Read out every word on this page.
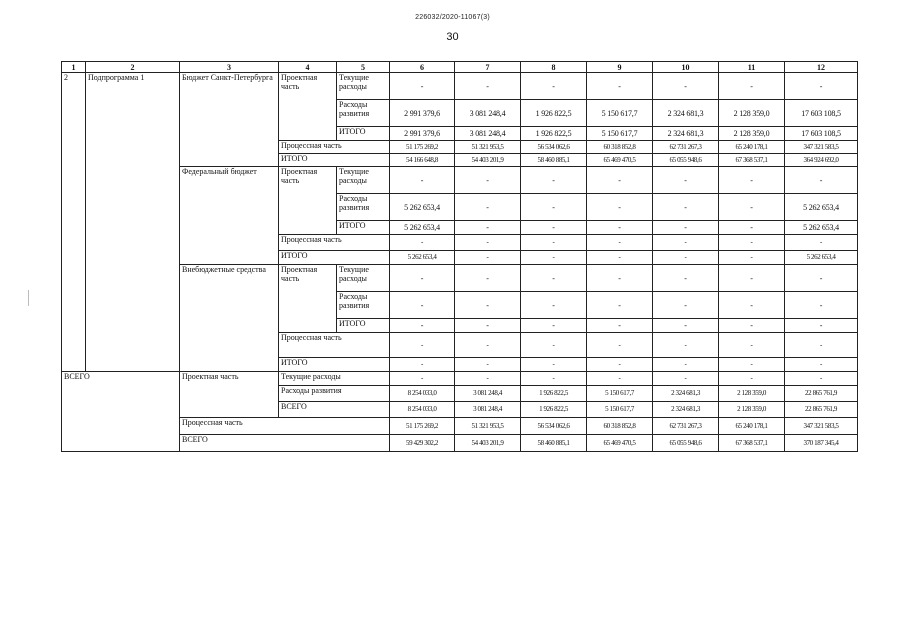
226032/2020-11067(3)
30
1	2	3	4	5	6	7	8	9	10	11	12
2	Подпрограмма 1	Бюджет Санкт-Петербурга	Проектная часть	Текущие расходы	-	-	-	-	-	-	-
				Расходы развития	2 991 379,6	3 081 248,4	1 926 822,5	5 150 617,7	2 324 681,3	2 128 359,0	17 603 108,5
				ИТОГО	2 991 379,6	3 081 248,4	1 926 822,5	5 150 617,7	2 324 681,3	2 128 359,0	17 603 108,5
			Процессная часть		51 175 269,2	51 321 953,5	56 534 062,6	60 318 852,8	62 731 267,3	65 240 178,1	347 321 583,5
			ИТОГО		54 166 648,8	54 403 201,9	58 460 885,1	65 469 470,5	65 055 948,6	67 368 537,1	364 924 692,0
		Федеральный бюджет	Проектная часть	Текущие расходы	-	-	-	-	-	-	-
				Расходы развития	5 262 653,4	-	-	-	-	-	5 262 653,4
				ИТОГО	5 262 653,4	-	-	-	-	-	5 262 653,4
			Процессная часть		-	-	-	-	-	-	-
			ИТОГО		5 262 653,4	-	-	-	-	-	5 262 653,4
		Внебюджетные средства	Проектная часть	Текущие расходы	-	-	-	-	-	-	-
				Расходы развития	-	-	-	-	-	-	-
				ИТОГО	-	-	-	-	-	-	-
			Процессная часть		-	-	-	-	-	-	-
			ИТОГО		-	-	-	-	-	-	-
ВСЕГО		Проектная часть	Текущие расходы		-	-	-	-	-	-	-
			Расходы развития		8 254 033,0	3 081 248,4	1 926 822,5	5 150 617,7	2 324 681,3	2 128 359,0	22 865 761,9
			ВСЕГО		8 254 033,0	3 081 248,4	1 926 822,5	5 150 617,7	2 324 681,3	2 128 359,0	22 865 761,9
		Процессная часть			51 175 269,2	51 321 953,5	56 534 062,6	60 318 852,8	62 731 267,3	65 240 178,1	347 321 583,5
		ВСЕГО			59 429 302,2	54 403 201,9	58 460 885,1	65 469 470,5	65 055 948,6	67 368 537,1	370 187 345,4
